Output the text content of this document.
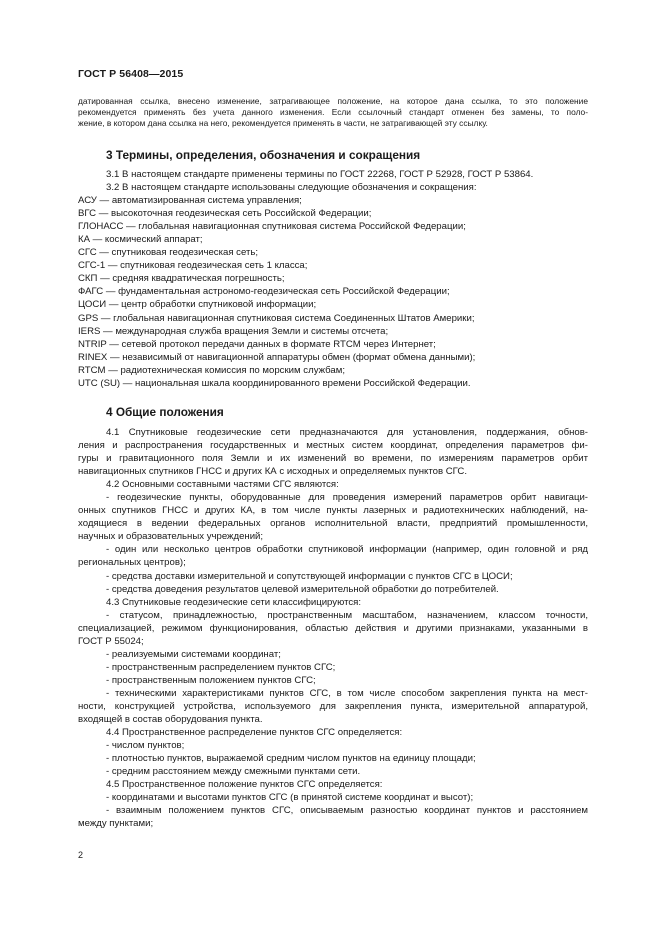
ГОСТ Р 56408—2015

датированная ссылка, внесено изменение, затрагивающее положение, на которое дана ссылка, то это положение

рекомендуется применять без учета данного изменения. Если ссылочный стандарт отменен без замены, то поло-

жение, в котором дана ссылка на него, рекомендуется применять в части, не затрагивающей эту ссылку.

3 Термины, определения, обозначения и сокращения

3.1 В настоящем стандарте применены термины по ГОСТ 22268, ГОСТ Р 52928, ГОСТ Р 53864.

3.2 В настоящем стандарте использованы следующие обозначения и сокращения:

АСУ — автоматизированная система управления;
ВГС — высокоточная геодезическая сеть Российской Федерации;
ГЛОНАСС — глобальная навигационная спутниковая система Российской Федерации;
КА — космический аппарат;
СГС — спутниковая геодезическая сеть;
СГС-1 — спутниковая геодезическая сеть 1 класса;
СКП — средняя квадратическая погрешность;
ФАГС — фундаментальная астрономо-геодезическая сеть Российской Федерации;
ЦОСИ — центр обработки спутниковой информации;
GPS — глобальная навигационная спутниковая система Соединенных Штатов Америки;
IERS — международная служба вращения Земли и системы отсчета;
NTRIP — сетевой протокол передачи данных в формате RTCM через Интернет;
RINEX — независимый от навигационной аппаратуры обмен (формат обмена данными);
RTCM — радиотехническая комиссия по морским службам;
UTC (SU) — национальная шкала координированного времени Российской Федерации.
4 Общие положения

4.1 Спутниковые геодезические сети предназначаются для установления, поддержания, обнов-

ления и распространения государственных и местных систем координат, определения параметров фи-

гуры и гравитационного поля Земли и их изменений во времени, по измерениям параметров орбит

навигационных спутников ГНСС и других КА с исходных и определяемых пунктов СГС.

4.2 Основными составными частями СГС являются:

- геодезические пункты, оборудованные для проведения измерений параметров орбит навигаци-

онных спутников ГНСС и других КА, в том числе пункты лазерных и радиотехнических наблюдений, на-

ходящиеся в ведении федеральных органов исполнительной власти, предприятий промышленности,

научных и образовательных учреждений;

- один или несколько центров обработки спутниковой информации (например, один головной и ряд

региональных центров);

- средства доставки измерительной и сопутствующей информации с пунктов СГС в ЦОСИ;

- средства доведения результатов целевой измерительной обработки до потребителей.

4.3 Спутниковые геодезические сети классифицируются:

- статусом, принадлежностью, пространственным масштабом, назначением, классом точности,

специализацией, режимом функционирования, областью действия и другими признаками, указанными в

ГОСТ Р 55024;

- реализуемыми системами координат;

- пространственным распределением пунктов СГС;

- пространственным положением пунктов СГС;

- техническими характеристиками пунктов СГС, в том числе способом закрепления пункта на мест-

ности, конструкцией устройства, используемого для закрепления пункта, измерительной аппаратурой,

входящей в состав оборудования пункта.

4.4 Пространственное распределение пунктов СГС определяется:

- числом пунктов;

- плотностью пунктов, выражаемой средним числом пунктов на единицу площади;

- средним расстоянием между смежными пунктами сети.

4.5 Пространственное положение пунктов СГС определяется:

- координатами и высотами пунктов СГС (в принятой системе координат и высот);

- взаимным положением пунктов СГС, описываемым разностью координат пунктов и расстоянием

между пунктами;

2
